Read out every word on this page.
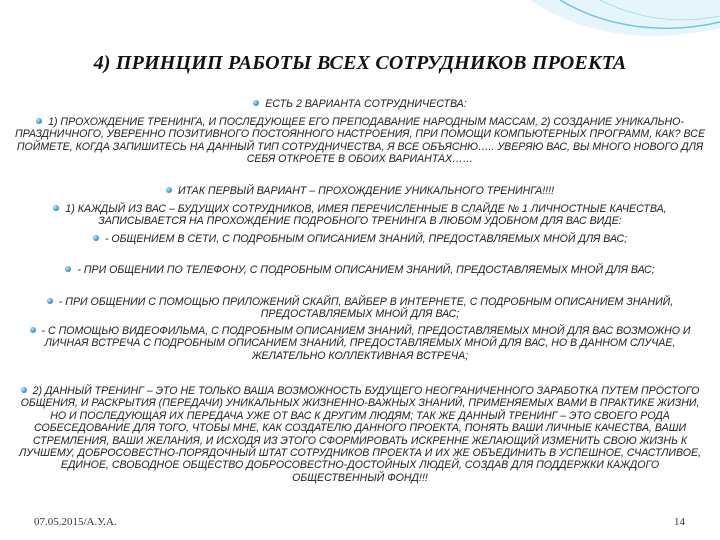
4) ПРИНЦИП РАБОТЫ ВСЕХ СОТРУДНИКОВ ПРОЕКТА
ЕСТЬ 2 ВАРИАНТА СОТРУДНИЧЕСТВА:
1) ПРОХОЖДЕНИЕ ТРЕНИНГА, И ПОСЛЕДУЮЩЕЕ ЕГО ПРЕПОДАВАНИЕ НАРОДНЫМ МАССАМ, 2) СОЗДАНИЕ УНИКАЛЬНО-ПРАЗДНИЧНОГО, УВЕРЕННО ПОЗИТИВНОГО ПОСТОЯННОГО НАСТРОЕНИЯ, ПРИ ПОМОЩИ КОМПЬЮТЕРНЫХ ПРОГРАММ, КАК? ВСЕ ПОЙМЕТЕ, КОГДА ЗАПИШИТЕСЬ НА ДАННЫЙ ТИП СОТРУДНИЧЕСТВА, Я ВСЕ ОБЪЯСНЮ….. УВЕРЯЮ ВАС, ВЫ МНОГО НОВОГО ДЛЯ СЕБЯ ОТКРОЕТЕ В ОБОИХ ВАРИАНТАХ……
ИТАК ПЕРВЫЙ ВАРИАНТ – ПРОХОЖДЕНИЕ УНИКАЛЬНОГО ТРЕНИНГА!!!!
1) КАЖДЫЙ ИЗ ВАС – БУДУЩИХ СОТРУДНИКОВ, ИМЕЯ ПЕРЕЧИСЛЕННЫЕ В СЛАЙДЕ № 1 ЛИЧНОСТНЫЕ КАЧЕСТВА, ЗАПИСЫВАЕТСЯ НА ПРОХОЖДЕНИЕ ПОДРОБНОГО ТРЕНИНГА В ЛЮБОМ УДОБНОМ ДЛЯ ВАС ВИДЕ:
- ОБЩЕНИЕМ В СЕТИ, С ПОДРОБНЫМ ОПИСАНИЕМ ЗНАНИЙ, ПРЕДОСТАВЛЯЕМЫХ МНОЙ ДЛЯ ВАС;
- ПРИ ОБЩЕНИИ ПО ТЕЛЕФОНУ, С ПОДРОБНЫМ ОПИСАНИЕМ ЗНАНИЙ, ПРЕДОСТАВЛЯЕМЫХ МНОЙ ДЛЯ ВАС;
- ПРИ ОБЩЕНИИ С ПОМОЩЬЮ ПРИЛОЖЕНИЙ СКАЙП, ВАЙБЕР В ИНТЕРНЕТЕ, С ПОДРОБНЫМ ОПИСАНИЕМ ЗНАНИЙ, ПРЕДОСТАВЛЯЕМЫХ МНОЙ ДЛЯ ВАС;
- С ПОМОЩЬЮ ВИДЕОФИЛЬМА, С ПОДРОБНЫМ ОПИСАНИЕМ ЗНАНИЙ, ПРЕДОСТАВЛЯЕМЫХ МНОЙ ДЛЯ ВАС ВОЗМОЖНО И ЛИЧНАЯ ВСТРЕЧА С ПОДРОБНЫМ ОПИСАНИЕМ ЗНАНИЙ, ПРЕДОСТАВЛЯЕМЫХ МНОЙ ДЛЯ ВАС, НО В ДАННОМ СЛУЧАЕ, ЖЕЛАТЕЛЬНО КОЛЛЕКТИВНАЯ ВСТРЕЧА;
2) ДАННЫЙ ТРЕНИНГ – ЭТО НЕ ТОЛЬКО ВАША ВОЗМОЖНОСТЬ БУДУЩЕГО НЕОГРАНИЧЕННОГО ЗАРАБОТКА ПУТЕМ ПРОСТОГО ОБЩЕНИЯ, И РАСКРЫТИЯ (ПЕРЕДАЧИ) УНИКАЛЬНЫХ ЖИЗНЕННО-ВАЖНЫХ ЗНАНИЙ, ПРИМЕНЯЕМЫХ ВАМИ В ПРАКТИКЕ ЖИЗНИ, НО И ПОСЛЕДУЮЩАЯ ИХ ПЕРЕДАЧА УЖЕ ОТ ВАС К ДРУГИМ ЛЮДЯМ; ТАК ЖЕ ДАННЫЙ ТРЕНИНГ – ЭТО СВОЕГО РОДА СОБЕСЕДОВАНИЕ ДЛЯ ТОГО, ЧТОБЫ МНЕ, КАК СОЗДАТЕЛЮ ДАННОГО ПРОЕКТА, ПОНЯТЬ ВАШИ ЛИЧНЫЕ КАЧЕСТВА, ВАШИ СТРЕМЛЕНИЯ, ВАШИ ЖЕЛАНИЯ, И ИСХОДЯ ИЗ ЭТОГО СФОРМИРОВАТЬ ИСКРЕННЕ ЖЕЛАЮЩИЙ ИЗМЕНИТЬ СВОЮ ЖИЗНЬ К ЛУЧШЕМУ, ДОБРОСОВЕСТНО-ПОРЯДОЧНЫЙ ШТАТ СОТРУДНИКОВ ПРОЕКТА И ИХ ЖЕ ОБЪЕДИНИТЬ В УСПЕШНОЕ, СЧАСТЛИВОЕ, ЕДИНОЕ, СВОБОДНОЕ ОБЩЕСТВО ДОБРОСОВЕСТНО-ДОСТОЙНЫХ ЛЮДЕЙ, СОЗДАВ ДЛЯ ПОДДЕРЖКИ КАЖДОГО ОБЩЕСТВЕННЫЙ ФОНД!!!
07.05.2015/А.У.А.	14
